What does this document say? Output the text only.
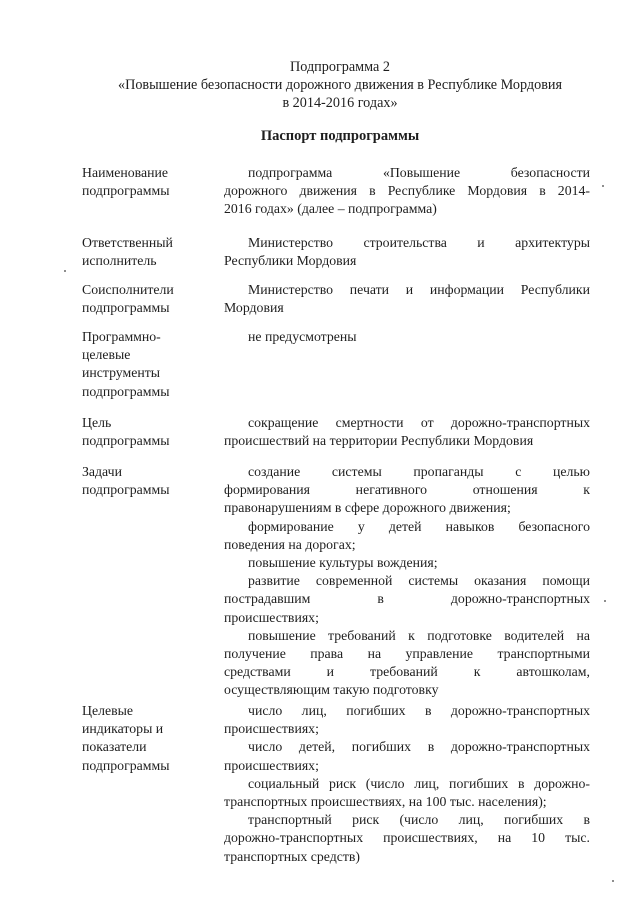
Подпрограмма 2
«Повышение безопасности дорожного движения в Республике Мордовия
в 2014-2016 годах»
Паспорт подпрограммы
Наименование
подпрограммы
подпрограмма «Повышение безопасности
дорожного движения в Республике Мордовия в 2014-
2016 годах» (далее – подпрограмма)
Ответственный
исполнитель
Министерство строительства и архитектуры
Республики Мордовия
Соисполнители
подпрограммы
Министерство печати и информации Республики
Мордовия
Программно-
целевые
инструменты
подпрограммы
не предусмотрены
Цель
подпрограммы
сокращение смертности от дорожно-транспортных
происшествий на территории Республики Мордовия
Задачи
подпрограммы
создание системы пропаганды с целью
формирования негативного отношения к
правонарушениям в сфере дорожного движения;
формирование у детей навыков безопасного
поведения на дорогах;
повышение культуры вождения;
развитие современной системы оказания помощи
пострадавшим в дорожно-транспортных
происшествиях;
повышение требований к подготовке водителей на
получение права на управление транспортными
средствами и требований к автошколам,
осуществляющим такую подготовку
Целевые
индикаторы и
показатели
подпрограммы
число лиц, погибших в дорожно-транспортных
происшествиях;
число детей, погибших в дорожно-транспортных
происшествиях;
социальный риск (число лиц, погибших в дорожно-
транспортных происшествиях, на 100 тыс. населения);
транспортный риск (число лиц, погибших в
дорожно-транспортных происшествиях, на 10 тыс.
транспортных средств)
